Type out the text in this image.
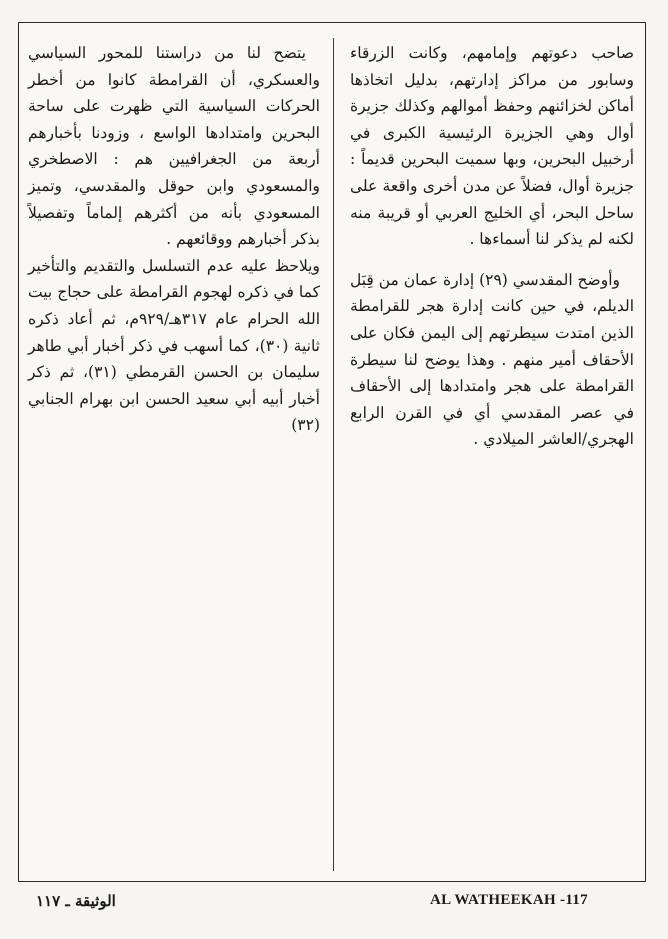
صاحب دعوتهم وإمامهم، وكانت الزرقاء وسابور من مراكز إدارتهم، بدليل اتخاذها أماكن لخزائنهم وحفظ أموالهم وكذلك جزيرة أوال وهي الجزيرة الرئيسية الكبرى في أرخبيل البحرين، وبها سميت البحرين قديماً : جزيرة أوال، فضلاً عن مدن أخرى واقعة على ساحل البحر، أي الخليج العربي أو قريبة منه لكنه لم يذكر لنا أسماءها .

وأوضح المقدسي (٢٩) إدارة عمان من قِبَل الديلم، في حين كانت إدارة هجر للقرامطة الذين امتدت سيطرتهم إلى اليمن فكان على الأحقاف أمير منهم . وهذا يوضح لنا سيطرة القرامطة على هجر وامتدادها إلى الأحقاف في عصر المقدسي أي في القرن الرابع الهجري/العاشر الميلادي .

يتضح لنا من دراستنا للمحور السياسي والعسكري، أن القرامطة كانوا من أخطر الحركات السياسية التي ظهرت على ساحة البحرين وامتدادها الواسع ، وزودنا بأخبارهم أربعة من الجغرافيين هم : الاصطخري والمسعودي وابن حوقل والمقدسي، وتميز المسعودي بأنه من أكثرهم إلماماً وتفصيلاً بذكر أخبارهم ووقائعهم .

ويلاحظ عليه عدم التسلسل والتقديم والتأخير كما في ذكره لهجوم القرامطة على حجاج بيت الله الحرام عام ٣١٧هـ/٩٢٩م، ثم أعاد ذكره ثانية (٣٠)، كما أسهب في ذكر أخبار أبي طاهر سليمان بن الحسن القرمطي (٣١)، ثم ذكر أخبار أبيه أبي سعيد الحسن ابن بهرام الجنابي (٣٢)

AL WATHEEKAH -117
الوثيقة ـ ١١٧
